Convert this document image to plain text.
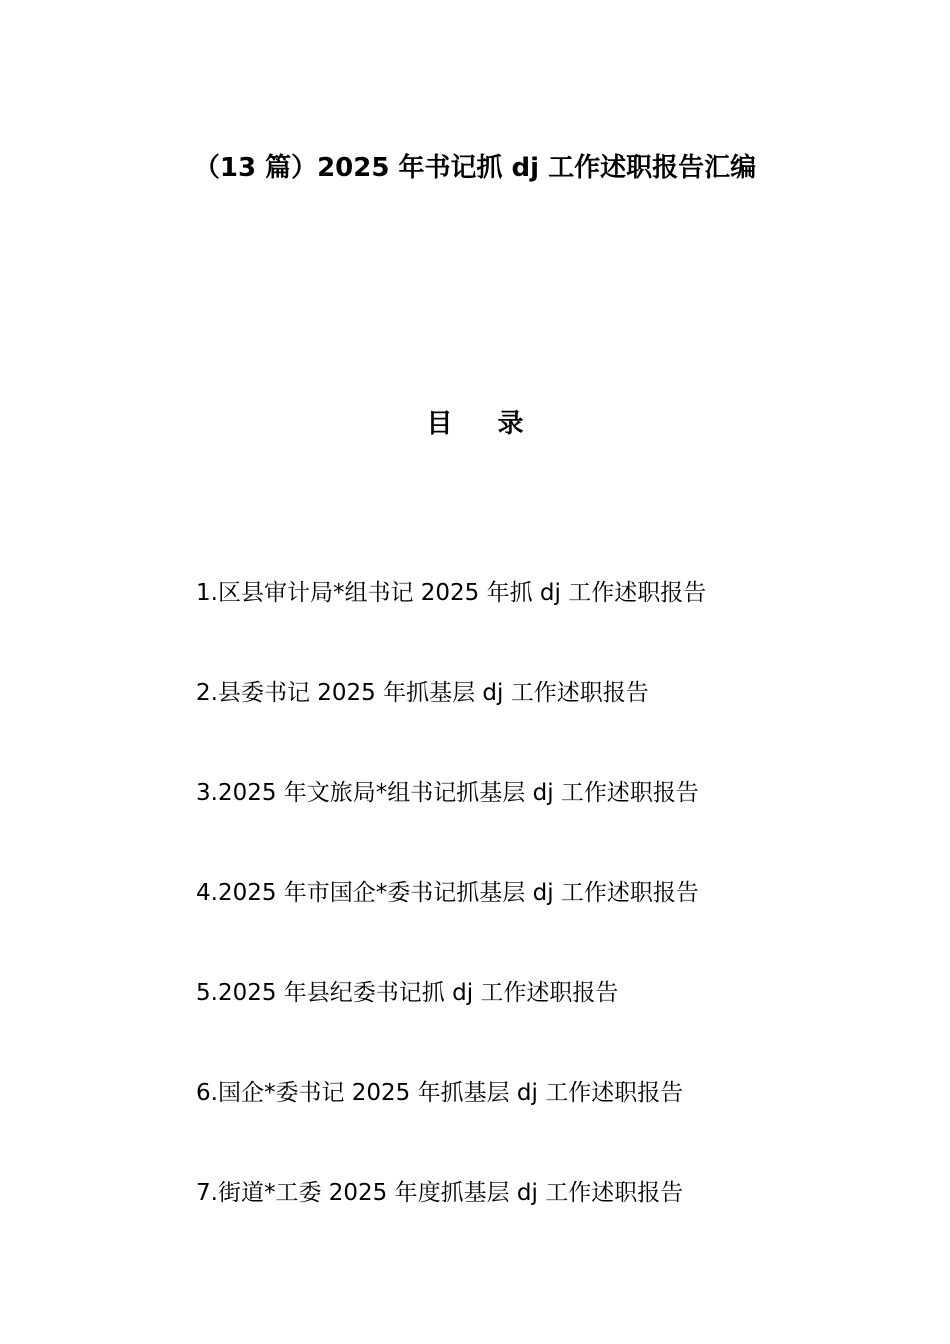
（13 篇）2025 年书记抓 dj 工作述职报告汇编
目 录
1.区县审计局*组书记 2025 年抓 dj 工作述职报告
2.县委书记 2025 年抓基层 dj 工作述职报告
3.2025 年文旅局*组书记抓基层 dj 工作述职报告
4.2025 年市国企*委书记抓基层 dj 工作述职报告
5.2025 年县纪委书记抓 dj 工作述职报告
6.国企*委书记 2025 年抓基层 dj 工作述职报告
7.街道*工委 2025 年度抓基层 dj 工作述职报告
